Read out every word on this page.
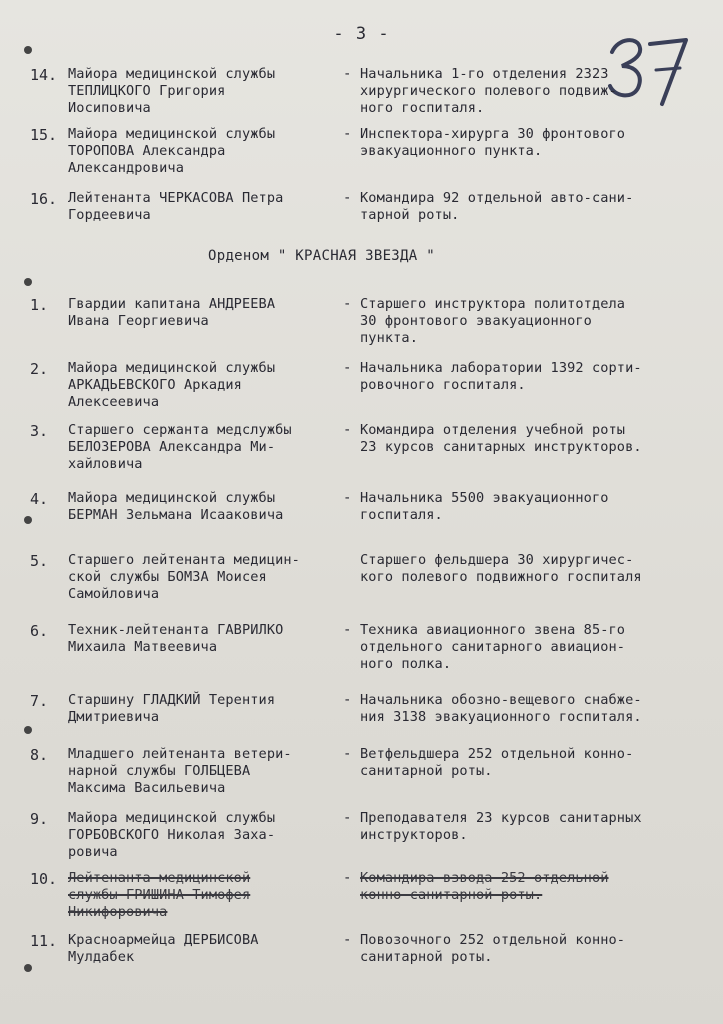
- 3 -
14. Майора медицинской службы
ТЕПЛИЦКОГО Григория
Иосиповича
- Начальника 1-го отделения 2323
хирургического полевого подвиж-
ного госпиталя.
15. Майора медицинской службы
ТОРОПОВА Александра
Александровича
- Инспектора-хирурга 30 фронтового
эвакуационного пункта.
16. Лейтенанта ЧЕРКАСОВА Петра
Гордеевича
- Командира 92 отдельной авто-сани-
тарной роты.
Орденом " КРАСНАЯ ЗВЕЗДА "
1. Гвардии капитана АНДРЕЕВА
Ивана Георгиевича
- Старшего инструктора политотдела
30 фронтового эвакуационного
пункта.
2. Майора медицинской службы
АРКАДЬЕВСКОГО Аркадия
Алексеевича
- Начальника лаборатории 1392 сорти-
ровочного госпиталя.
3. Старшего сержанта медслужбы
БЕЛОЗЕРОВА Александра Ми-
хайловича
- Командира отделения учебной роты
23 курсов санитарных инструкторов.
4. Майора медицинской службы
БЕРМАН Зельмана Исааковича
- Начальника 5500 эвакуационного
госпиталя.
5. Старшего лейтенанта медицин-
ской службы БОМЗА Моисея
Самойловича
Старшего фельдшера 30 хирургичес-
кого полевого подвижного госпиталя
6. Техник-лейтенанта ГАВРИЛКО
Михаила Матвеевича
- Техника авиационного звена 85-го
отдельного санитарного авиацион-
ного полка.
7. Старшину ГЛАДКИЙ Терентия
Дмитриевича
- Начальника обозно-вещевого снабже-
ния 3138 эвакуационного госпиталя.
8. Младшего лейтенанта ветери-
нарной службы ГОЛБЦЕВА
Максима Васильевича
- Ветфельдшера 252 отдельной конно-
санитарной роты.
9. Майора медицинской службы
ГОРБОВСКОГО Николая Заха-
ровича
- Преподавателя 23 курсов санитарных
инструкторов.
10. Лейтенанта медицинской
службы ГРИШИНА Тимофея
Никифоровича
- Командира взвода 252 отдельной
конно-санитарной роты.
11. Красноармейца ДЕРБИСОВА
Мулдабек
- Повозочного 252 отдельной конно-
санитарной роты.
